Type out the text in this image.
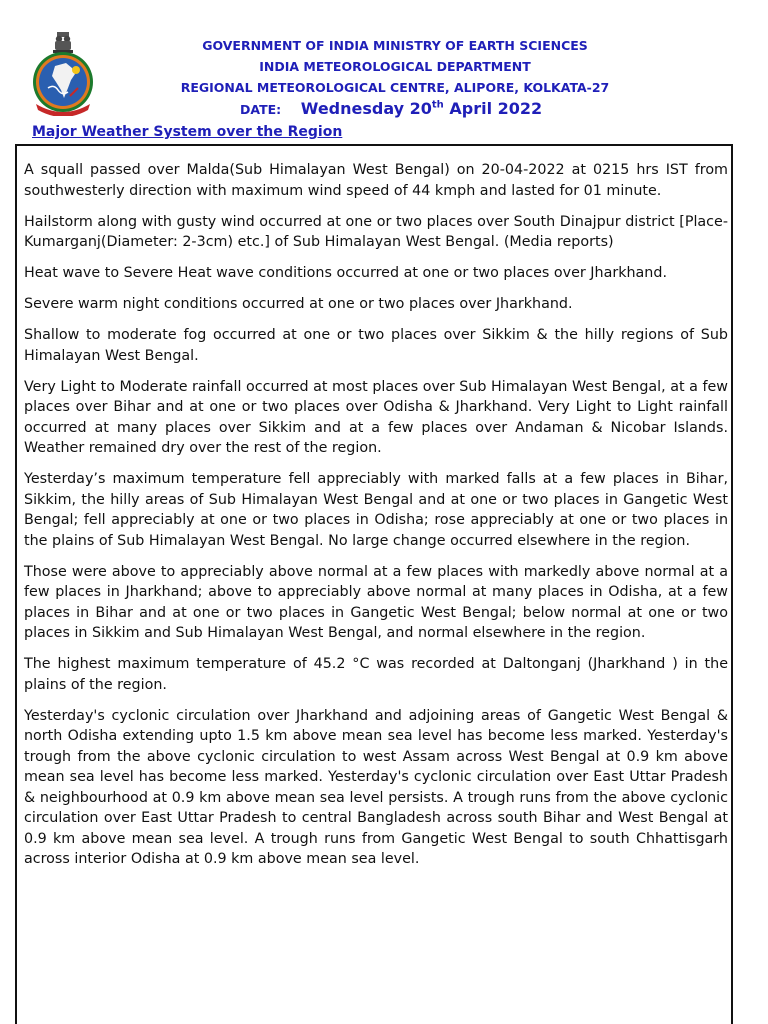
GOVERNMENT OF INDIA MINISTRY OF EARTH SCIENCES
INDIA METEOROLOGICAL DEPARTMENT
REGIONAL METEOROLOGICAL CENTRE, ALIPORE, KOLKATA-27
DATE: Wednesday 20th April 2022
Major Weather System over the Region

A squall passed over Malda(Sub Himalayan West Bengal) on 20-04-2022 at 0215 hrs IST from southwesterly direction with maximum wind speed of 44 kmph and lasted for 01 minute.

Hailstorm along with gusty wind occurred at one or two places over South Dinajpur district [Place- Kumarganj(Diameter: 2-3cm) etc.] of Sub Himalayan West Bengal. (Media reports)

Heat wave to Severe Heat wave conditions occurred at one or two places over Jharkhand.

Severe warm night conditions occurred at one or two places over Jharkhand.

Shallow to moderate fog occurred at one or two places over Sikkim & the hilly regions of Sub Himalayan West Bengal.

Very Light to Moderate rainfall occurred at most places over Sub Himalayan West Bengal, at a few places over Bihar and at one or two places over Odisha & Jharkhand. Very Light to Light rainfall occurred at many places over Sikkim and at a few places over Andaman & Nicobar Islands. Weather remained dry over the rest of the region.

Yesterday’s maximum temperature fell appreciably with marked falls at a few places in Bihar, Sikkim, the hilly areas of Sub Himalayan West Bengal and at one or two places in Gangetic West Bengal; fell appreciably at one or two places in Odisha; rose appreciably at one or two places in the plains of Sub Himalayan West Bengal. No large change occurred elsewhere in the region.

Those were above to appreciably above normal at a few places with markedly above normal at a few places in Jharkhand; above to appreciably above normal at many places in Odisha, at a few places in Bihar and at one or two places in Gangetic West Bengal; below normal at one or two places in Sikkim and Sub Himalayan West Bengal, and normal elsewhere in the region.

The highest maximum temperature of 45.2 °C was recorded at Daltonganj (Jharkhand ) in the plains of the region.

Yesterday's cyclonic circulation over Jharkhand and adjoining areas of Gangetic West Bengal & north Odisha extending upto 1.5 km above mean sea level has become less marked. Yesterday's trough from the above cyclonic circulation to west Assam across West Bengal at 0.9 km above mean sea level has become less marked. Yesterday's cyclonic circulation over East Uttar Pradesh & neighbourhood at 0.9 km above mean sea level persists. A trough runs from the above cyclonic circulation over East Uttar Pradesh to central Bangladesh across south Bihar and West Bengal at 0.9 km above mean sea level. A trough runs from Gangetic West Bengal to south Chhattisgarh across interior Odisha at 0.9 km above mean sea level.
